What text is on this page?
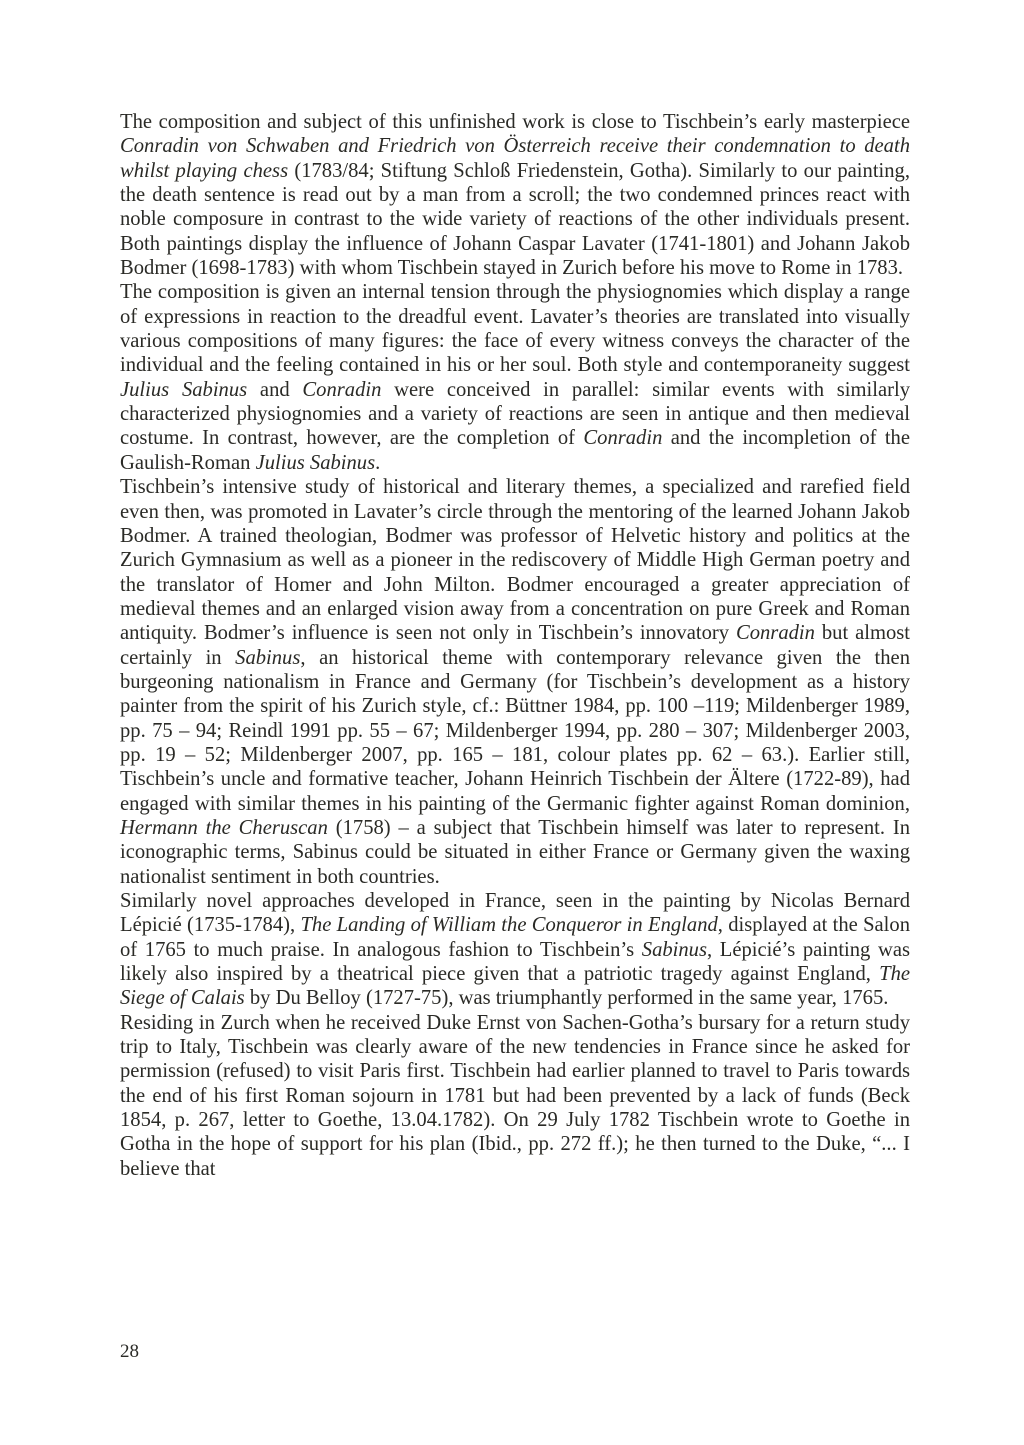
The composition and subject of this unfinished work is close to Tischbein’s early masterpiece Conradin von Schwaben and Friedrich von Österreich receive their condemnation to death whilst playing chess (1783/84; Stiftung Schloß Friedenstein, Gotha). Similarly to our painting, the death sentence is read out by a man from a scroll; the two condemned princes react with noble composure in contrast to the wide variety of reactions of the other individuals present. Both paintings display the influence of Johann Caspar Lavater (1741-1801) and Johann Jakob Bodmer (1698-1783) with whom Tischbein stayed in Zurich before his move to Rome in 1783.

The composition is given an internal tension through the physiognomies which display a range of expressions in reaction to the dreadful event. Lavater’s theories are translated into visually various compositions of many figures: the face of every witness conveys the character of the individual and the feeling contained in his or her soul. Both style and contemporaneity suggest Julius Sabinus and Conradin were conceived in parallel: similar events with similarly characterized physiognomies and a variety of reactions are seen in antique and then medieval costume. In contrast, however, are the completion of Conradin and the incompletion of the Gaulish-Roman Julius Sabinus.

Tischbein’s intensive study of historical and literary themes, a specialized and rarefied field even then, was promoted in Lavater’s circle through the mentoring of the learned Johann Jakob Bodmer. A trained theologian, Bodmer was professor of Helvetic history and politics at the Zurich Gymnasium as well as a pioneer in the rediscovery of Middle High German poetry and the translator of Homer and John Milton. Bodmer encouraged a greater appreciation of medieval themes and an enlarged vision away from a concentration on pure Greek and Roman antiquity. Bodmer’s influence is seen not only in Tischbein’s innovatory Conradin but almost certainly in Sabinus, an historical theme with contemporary relevance given the then burgeoning nationalism in France and Germany (for Tischbein’s development as a history painter from the spirit of his Zurich style, cf.: Büttner 1984, pp. 100 –119; Mildenberger 1989, pp. 75 – 94; Reindl 1991 pp. 55 – 67; Mildenberger 1994, pp. 280 – 307; Mildenberger 2003, pp. 19 – 52; Mildenberger 2007, pp. 165 – 181, colour plates pp. 62 – 63.). Earlier still, Tischbein’s uncle and formative teacher, Johann Heinrich Tischbein der Ältere (1722-89), had engaged with similar themes in his painting of the Germanic fighter against Roman dominion, Hermann the Cheruscan (1758) – a subject that Tischbein himself was later to represent. In iconographic terms, Sabinus could be situated in either France or Germany given the waxing nationalist sentiment in both countries.

Similarly novel approaches developed in France, seen in the painting by Nicolas Bernard Lépicié (1735-1784), The Landing of William the Conqueror in England, displayed at the Salon of 1765 to much praise. In analogous fashion to Tischbein’s Sabinus, Lépicié’s painting was likely also inspired by a theatrical piece given that a patriotic tragedy against England, The Siege of Calais by Du Belloy (1727-75), was triumphantly performed in the same year, 1765.

Residing in Zurch when he received Duke Ernst von Sachen-Gotha’s bursary for a return study trip to Italy, Tischbein was clearly aware of the new tendencies in France since he asked for permission (refused) to visit Paris first. Tischbein had earlier planned to travel to Paris towards the end of his first Roman sojourn in 1781 but had been prevented by a lack of funds (Beck 1854, p. 267, letter to Goethe, 13.04.1782). On 29 July 1782 Tischbein wrote to Goethe in Gotha in the hope of support for his plan (Ibid., pp. 272 ff.); he then turned to the Duke, “... I believe that

28
